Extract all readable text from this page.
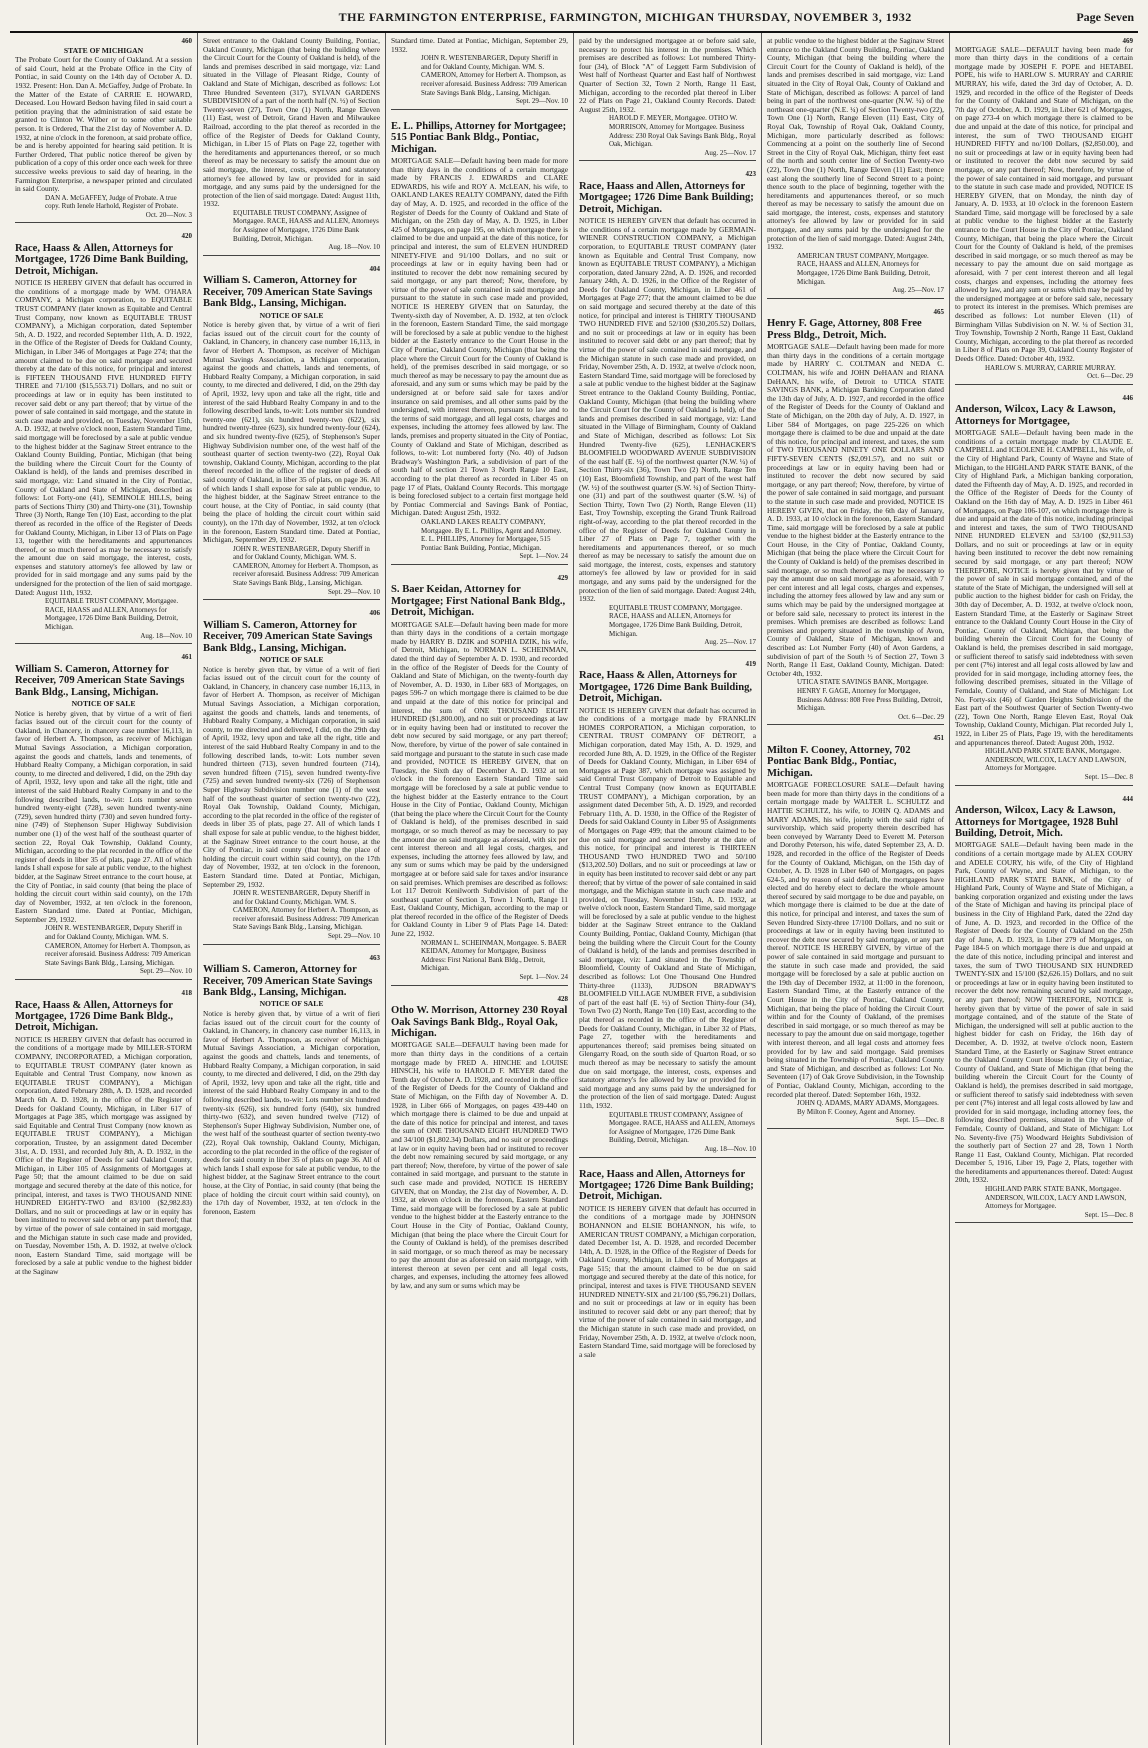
THE FARMINGTON ENTERPRISE, FARMINGTON, MICHIGAN THURSDAY, NOVEMBER 3, 1932	Page Seven
460
STATE OF MICHIGAN
The Probate Court for the County of Oakland. At a session of said Court, held at the Probate Office in the City of Pontiac, in said County on the 14th day of October A. D. 1932. Present: Hon. Dan A. McGaffey, Judge of Probate. In the Matter of the Estate of CARRIE E. HOWARD, Deceased. Lou Howard Bedson having filed in said court a petition praying that the administration of said estate be granted to Clinton W. Wilber or to some other suitable person. It is Ordered, That the 21st day of November A. D. 1932, at nine o'clock in the forenoon, at said probate office, be and is hereby appointed for hearing said petition. It is Further Ordered, That public notice thereof be given by publication of a copy of this order once each week for three successive weeks previous to said day of hearing, in the Farmington Enterprise, a newspaper printed and circulated in said County.
DAN A. McGAFFEY, Judge of Probate. A true copy. Ruth Ienele Harhold, Register of Probate.
Oct. 20—Nov. 3
420
Race, Haass & Allen, Attorneys for Mortgagee, 1726 Dime Bank Building, Detroit, Michigan.
NOTICE IS HEREBY GIVEN that default has occurred in the conditions of a mortgage made by WM. O'HARA COMPANY, a Michigan corporation, to EQUITABLE TRUST COMPANY (later known as Equitable and Central Trust Company, now known as EQUITABLE TRUST COMPANY), a Michigan corporation, dated September 5th, A. D. 1922, and recorded September 11th, A. D. 1922, in the Office of the Register of Deeds for Oakland County, Michigan, in Liber 346 of Mortgages at Page 274; that the amount claimed to be due on said mortgage and secured thereby at the date of this notice, for principal and interest is FIFTEEN THOUSAND FIVE HUNDRED FIFTY THREE and 71/100 ($15,553.71) Dollars, and no suit or proceedings at law or in equity has been instituted to recover said debt or any part thereof; that by virtue of the power of sale contained in said mortgage, and the statute in such case made and provided, on Tuesday, November 15th, A. D. 1932, at twelve o'clock noon, Eastern Standard Time, said mortgage will be foreclosed by a sale at public vendue to the highest bidder at the Saginaw Street entrance to the Oakland County Building, Pontiac, Michigan (that being the building where the Circuit Court for the County of Oakland is held), of the lands and premises described in said mortgage, viz: Land situated in the City of Pontiac, County of Oakland and State of Michigan, described as follows: Lot Forty-one (41), SEMINOLE HILLS, being parts of Sections Thirty (30) and Thirty-one (31), Township Three (3) North, Range Ten (10) East, according to the plat thereof as recorded in the office of the Register of Deeds for Oakland County, Michigan, in Liber 13 of Plats on Page 13, together with the hereditaments and appurtenances thereof, or so much thereof as may be necessary to satisfy the amount due on said mortgage, the interest, costs, expenses and statutory attorney's fee allowed by law or provided for in said mortgage and any sums paid by the undersigned for the protection of the lien of said mortgage. Dated: August 11th, 1932.
EQUITABLE TRUST COMPANY, Mortgagee. RACE, HAASS and ALLEN, Attorneys for Mortgagee, 1726 Dime Bank Building, Detroit, Michigan.
Aug. 18—Nov. 10
461
William S. Cameron, Attorney for Receiver, 709 American State Savings Bank Bldg., Lansing, Michigan.
NOTICE OF SALE
Notice is hereby given, that by virtue of a writ of fieri facias issued out of the circuit court for the county of Oakland, in Chancery, in chancery case number 16,113, in favor of Herbert A. Thompson, as receiver of Michigan Mutual Savings Association, a Michigan corporation, against the goods and chattels, lands and tenements, of Hubbard Realty Company, a Michigan corporation, in said county, to me directed and delivered, I did, on the 29th day of April, 1932, levy upon and take all the right, title and interest of the said Hubbard Realty Company in and to the following described lands, to-wit: Lots number seven hundred twenty-eight (728), seven hundred twenty-nine (729), seven hundred thirty (730) and seven hundred forty-nine (749) of Stephenson Super Highway Subdivision number one (1) of the west half of the southeast quarter of section 22, Royal Oak Township, Oakland County, Michigan, according to the plat recorded in the office of the register of deeds in liber 35 of plats, page 27. All of which lands I shall expose for sale at public vendue, to the highest bidder, at the Saginaw Street entrance to the court house, at the City of Pontiac, in said county (that being the place of holding the circuit court within said county), on the 17th day of November, 1932, at ten o'clock in the forenoon, Eastern Standard time. Dated at Pontiac, Michigan, September 29, 1932.
JOHN R. WESTENBARGER, Deputy Sheriff in and for Oakland County, Michigan. WM. S. CAMERON, Attorney for Herbert A. Thompson, as receiver aforesaid. Business Address: 709 American State Savings Bank Bldg., Lansing, Michigan.
Sept. 29—Nov. 10
418
Race, Haass & Allen, Attorneys for Mortgagee, 1726 Dime Bank Bldg., Detroit, Michigan.
NOTICE IS HEREBY GIVEN that default has occurred in the conditions of a mortgage made by MILLER-STORM COMPANY, INCORPORATED, a Michigan corporation, to EQUITABLE TRUST COMPANY (later known as Equitable and Central Trust Company, now known as EQUITABLE TRUST COMPANY), a Michigan corporation, dated February 28th, A. D. 1928, and recorded March 6th A. D. 1928, in the office of the Register of Deeds for Oakland County, Michigan, in Liber 617 of Mortgages at Page 385, which mortgage was assigned by said Equitable and Central Trust Company (now known as EQUITABLE TRUST COMPANY), a Michigan corporation, Trustee, by an assignment dated December 31st, A. D. 1931, and recorded July 8th, A. D. 1932, in the Office of the Register of Deeds for said Oakland County, Michigan, in Liber 105 of Assignments of Mortgages at Page 50; that the amount claimed to be due on said mortgage and secured thereby at the date of this notice, for principal, interest, and taxes is TWO THOUSAND NINE HUNDRED EIGHTY-TWO and 83/100 ($2,982.83) Dollars, and no suit or proceedings at law or in equity has been instituted to recover said debt or any part thereof; that by virtue of the power of sale contained in said mortgage, and the Michigan statute in such case made and provided, on Tuesday, November 15th, A. D. 1932, at twelve o'clock noon, Eastern Standard Time, said mortgage will be foreclosed by a sale at public vendue to the highest bidder at the Saginaw
Street entrance to the Oakland County Building, Pontiac, Oakland County, Michigan (that being the building where the Circuit Court for the County of Oakland is held), of the lands and premises described in said mortgage, viz: Land situated in the Village of Pleasant Ridge, County of Oakland and State of Michigan, described as follows: Lot Three Hundred Seventeen (317), SYLVAN GARDENS SUBDIVISION of a part of the north half (N. ½) of Section Twenty-seven (27), Town One (1) North, Range Eleven (11) East, west of Detroit, Grand Haven and Milwaukee Railroad, according to the plat thereof as recorded in the office of the Register of Deeds for Oakland County, Michigan, in Liber 15 of Plats on Page 22, together with the hereditaments and appurtenances thereof, or so much thereof as may be necessary to satisfy the amount due on said mortgage, the interest, costs, expenses and statutory attorney's fee allowed by law or provided for in said mortgage, and any sums paid by the undersigned for the protection of the lien of said mortgage. Dated: August 11th, 1932.
EQUITABLE TRUST COMPANY, Assignee of Mortgagee. RACE, HAASS and ALLEN, Attorneys for Assignee of Mortgagee, 1726 Dime Bank Building, Detroit, Michigan.
Aug. 18—Nov. 10
404
William S. Cameron, Attorney for Receiver, 709 American State Savings Bank Bldg., Lansing, Michigan.
NOTICE OF SALE
Notice is hereby given that, by virtue of a writ of fieri facias issued out of the circuit court for the county of Oakland, in Chancery, in chancery case number 16,113, in favor of Herbert A. Thompson, as receiver of Michigan Mutual Savings Association, a Michigan corporation, against the goods and chattels, lands and tenements, of Hubbard Realty Company, a Michigan corporation, in said county, to me directed and delivered, I did, on the 29th day of April, 1932, levy upon and take all the right, title and interest of the said Hubbard Realty Company in and to the following described lands, to-wit: Lots number six hundred twenty-one (621), six hundred twenty-two (622), six hundred twenty-three (623), six hundred twenty-four (624), and six hundred twenty-five (625), of Stephenson's Super Highway Subdivision number one, of the west half of the southeast quarter of section twenty-two (22), Royal Oak township, Oakland County, Michigan, according to the plat thereof recorded in the office of the register of deeds of said county of Oakland, in liber 35 of plats, on page 36. All of which lands I shall expose for sale at public vendue, to the highest bidder, at the Saginaw Street entrance to the court house, at the City of Pontiac, in said county (that being the place of holding the circuit court within said county), on the 17th day of November, 1932, at ten o'clock in the forenoon, Eastern Standard time. Dated at Pontiac, Michigan, September 29, 1932.
JOHN R. WESTENBARGER, Deputy Sheriff in and for Oakland County, Michigan. WM. S. CAMERON, Attorney for Herbert A. Thompson, as receiver aforesaid. Business Address: 709 American State Savings Bank Bldg., Lansing, Michigan.
Sept. 29—Nov. 10
406
William S. Cameron, Attorney for Receiver, 709 American State Savings Bank Bldg., Lansing, Michigan.
NOTICE OF SALE
Notice is hereby given that, by virtue of a writ of fieri facias issued out of the circuit court for the county of Oakland, in Chancery, in chancery case number 16,113, in favor of Herbert A. Thompson, as receiver of Michigan Mutual Savings Association, a Michigan corporation, against the goods and chattels, lands and tenements, of Hubbard Realty Company, a Michigan corporation, in said county, to me directed and delivered, I did, on the 29th day of April, 1932, levy upon and take all the right, title and interest of the said Hubbard Realty Company in and to the following described lands, to-wit: Lots number seven hundred thirteen (713), seven hundred fourteen (714), seven hundred fifteen (715), seven hundred twenty-five (725) and seven hundred twenty-six (726) of Stephenson Super Highway Subdivision number one (1) of the west half of the southeast quarter of section twenty-two (22), Royal Oak Township, Oakland County, Michigan, according to the plat recorded in the office of the register of deeds in liber 35 of plats, page 27. All of which lands I shall expose for sale at public vendue, to the highest bidder, at the Saginaw Street entrance to the court house, at the City of Pontiac, in said county (that being the place of holding the circuit court within said county), on the 17th day of November, 1932, at ten o'clock in the forenoon, Eastern Standard time. Dated at Pontiac, Michigan, September 29, 1932.
JOHN R. WESTENBARGER, Deputy Sheriff in and for Oakland County, Michigan. WM. S. CAMERON, Attorney for Herbert A. Thompson, as receiver aforesaid. Business Address: 709 American State Savings Bank Bldg., Lansing, Michigan.
Sept. 29—Nov. 10
463
William S. Cameron, Attorney for Receiver, 709 American State Savings Bank Bldg., Lansing, Michigan.
NOTICE OF SALE
Notice is hereby given that, by virtue of a writ of fieri facias issued out of the circuit court for the county of Oakland, in Chancery, in chancery case number 16,113, in favor of Herbert A. Thompson, as receiver of Michigan Mutual Savings Association, a Michigan corporation, against the goods and chattels, lands and tenements, of Hubbard Realty Company, a Michigan corporation, in said county, to me directed and delivered, I did, on the 29th day of April, 1932, levy upon and take all the right, title and interest of the said Hubbard Realty Company in and to the following described lands, to-wit: Lots number six hundred twenty-six (626), six hundred forty (640), six hundred thirty-two (632), and seven hundred twelve (712) of Stephenson's Super Highway Subdivision, Number one, of the west half of the southeast quarter of section twenty-two (22), Royal Oak township, Oakland County, Michigan, according to the plat recorded in the office of the register of deeds for said county in liber 35 of plats on page 36. All of which lands I shall expose for sale at public vendue, to the highest bidder, at the Saginaw Street entrance to the court house, at the City of Pontiac, in said county (that being the place of holding the circuit court within said county), on the 17th day of November, 1932, at ten o'clock in the forenoon, Eastern
Standard time. Dated at Pontiac, Michigan, September 29, 1932.
JOHN R. WESTENBARGER, Deputy Sheriff in and for Oakland County, Michigan. WM. S. CAMERON, Attorney for Herbert A. Thompson, as receiver aforesaid. Business Address: 709 American State Savings Bank Bldg., Lansing, Michigan.
Sept. 29—Nov. 10
E. L. Phillips, Attorney for Mortgagee; 515 Pontiac Bank Bldg., Pontiac, Michigan.
MORTGAGE SALE—Default having been made for more than thirty days in the conditions of a certain mortgage made by FRANCIS J. EDWARDS and CLARE EDWARDS, his wife and ROY A. McLEAN, his wife, to OAKLAND LAKES REALTY COMPANY, dated the Fifth day of May, A. D. 1925, and recorded in the office of the Register of Deeds for the County of Oakland and State of Michigan, on the 25th day of May, A. D. 1925, in Liber 425 of Mortgages, on page 195, on which mortgage there is claimed to be due and unpaid at the date of this notice, for principal and interest, the sum of ELEVEN HUNDRED NINETY-FIVE and 91/100 Dollars, and no suit or proceedings at law or in equity having been had or instituted to recover the debt now remaining secured by said mortgage, or any part thereof; Now, therefore, by virtue of the power of sale contained in said mortgage and pursuant to the statute in such case made and provided, NOTICE IS HEREBY GIVEN that on Saturday, the Twenty-sixth day of November, A. D. 1932, at ten o'clock in the forenoon, Eastern Standard Time, the said mortgage will be foreclosed by a sale at public vendue to the highest bidder at the Easterly entrance to the Court House in the City of Pontiac, Oakland County, Michigan (that being the place where the Circuit Court for the County of Oakland is held), of the premises described in said mortgage, or so much thereof as may be necessary to pay the amount due as aforesaid, and any sum or sums which may be paid by the undersigned at or before said sale for taxes and/or insurance on said premises, and all other sums paid by the undersigned, with interest thereon, pursuant to law and to the terms of said mortgage, and all legal costs, charges and expenses, including the attorney fees allowed by law. The lands, premises and property situated in the City of Pontiac, County of Oakland and State of Michigan, described as follows, to-wit: Lot numbered forty (No. 40) of Judson Bradway's Washington Park, a subdivision of part of the south half of section 21 Town 3 North Range 10 East, according to the plat thereof as recorded in Liber 45 on page 17 of Plats, Oakland County Records. This mortgage is being foreclosed subject to a certain first mortgage held by Pontiac Commercial and Savings Bank of Pontiac, Michigan. Dated: August 25th, 1932.
OAKLAND LAKES REALTY COMPANY, Mortgagee. By E. L. Phillips, Agent and Attorney. E. L. PHILLIPS, Attorney for Mortgagee, 515 Pontiac Bank Building, Pontiac, Michigan.
Sept. 1—Nov. 24
429
S. Baer Keidan, Attorney for Mortgagee; First National Bank Bldg., Detroit, Michigan.
MORTGAGE SALE—Default having been made for more than thirty days in the conditions of a certain mortgage made by HARRY B. DZIK and SOPHIA DZIK, his wife, of Detroit, Michigan, to NORMAN L. SCHEINMAN, dated the third day of September A. D. 1930, and recorded in the office of the Register of Deeds for the County of Oakland and State of Michigan, on the twenty-fourth day of November, A. D. 1930, in Liber 683 of Mortgages, on pages 596-7 on which mortgage there is claimed to be due and unpaid at the date of this notice for principal and interest, the sum of ONE THOUSAND EIGHT HUNDRED ($1,800.00), and no suit or proceedings at law or in equity having been had or instituted to recover the debt now secured by said mortgage, or any part thereof; Now, therefore, by virtue of the power of sale contained in said mortgage and pursuant to the statute in such case made and provided, NOTICE IS HEREBY GIVEN, that on Tuesday, the Sixth day of December A. D. 1932 at ten o'clock in the forenoon Eastern Standard Time said mortgage will be foreclosed by a sale at public vendue to the highest bidder at the Easterly entrance to the Court House in the City of Pontiac, Oakland County, Michigan (that being the place where the Circuit Court for the County of Oakland is held), of the premises described in said mortgage, or so much thereof as may be necessary to pay the amount due on said mortgage as aforesaid, with six per cent interest thereon and all legal costs, charges, and expenses, including the attorney fees allowed by law, and any sum or sums which may be paid by the undersigned mortgagee at or before said sale for taxes and/or insurance on said premises. Which premises are described as follows: Lot 117 Detroit Kenilworth Subdivision of part of the southeast quarter of Section 3, Town 1 North, Range 11 East, Oakland County, Michigan, according to the map or plat thereof recorded in the office of the Register of Deeds for Oakland County in Liber 9 of Plats Page 14. Dated: June 22, 1932.
NORMAN L. SCHEINMAN, Mortgagee. S. BAER KEIDAN, Attorney for Mortgagee, Business Address: First National Bank Bldg., Detroit, Michigan.
Sept. 1—Nov. 24
428
Otho W. Morrison, Attorney 230 Royal Oak Savings Bank Bldg., Royal Oak, Michigan.
MORTGAGE SALE—DEFAULT having been made for more than thirty days in the conditions of a certain mortgage made by FRED A. HINCHE and LOUISE HINSCH, his wife to HAROLD F. MEYER dated the Tenth day of October A. D. 1928, and recorded in the office of the Register of Deeds for the County of Oakland and State of Michigan, on the Fifth day of November A. D. 1928, in Liber 666 of Mortgages, on pages 439-440 on which mortgage there is claimed to be due and unpaid at the date of this notice for principal and interest, and taxes the sum of ONE THOUSAND EIGHT HUNDRED TWO and 34/100 ($1,802.34) Dollars, and no suit or proceedings at law or in equity having been had or instituted to recover the debt now remaining secured by said mortgage, or any part thereof; Now, therefore, by virtue of the power of sale contained in said mortgage, and pursuant to the statute in such case made and provided, NOTICE IS HEREBY GIVEN, that on Monday, the 21st day of November, A. D. 1932, at eleven o'clock in the forenoon, Eastern Standard Time, said mortgage will be foreclosed by a sale at public vendue to the highest bidder at the Easterly entrance to the Court House in the City of Pontiac, Oakland County, Michigan (that being the place where the Circuit Court for the County of Oakland is held), of the premises described in said mortgage, or so much thereof as may be necessary to pay the amount due as aforesaid on said mortgage, with interest thereon at seven per cent and all legal costs, charges, and expenses, including the attorney fees allowed by law, and any sum or sums which may be
paid by the undersigned mortgagee at or before said sale, necessary to protect his interest in the premises. Which premises are described as follows: Lot numbered Thirty-four (34), of Block "A" of Leggett Farm Subdivision of West half of Northeast Quarter and East half of Northwest Quarter of Section 32, Town 2 North, Range 11 East, Michigan, according to the recorded plat thereof in Liber 22 of Plats on Page 21, Oakland County Records. Dated: August 25th, 1932.
HAROLD F. MEYER, Mortgagee. OTHO W. MORRISON, Attorney for Mortgagee. Business Address: 230 Royal Oak Savings Bank Bldg., Royal Oak, Michigan.
Aug. 25—Nov. 17
423
Race, Haass and Allen, Attorneys for Mortgagee; 1726 Dime Bank Building; Detroit, Michigan.
NOTICE IS HEREBY GIVEN that default has occurred in the conditions of a certain mortgage made by GERMAIN-WIENER CONSTRUCTION COMPANY, a Michigan corporation, to EQUITABLE TRUST COMPANY (later known as Equitable and Central Trust Company, now known as EQUITABLE TRUST COMPANY), a Michigan corporation, dated January 22nd, A. D. 1926, and recorded January 24th, A. D. 1926, in the Office of the Register of Deeds for Oakland County, Michigan, in Liber 461 of Mortgages at Page 277; that the amount claimed to be due on said mortgage and secured thereby at the date of this notice, for principal and interest is THIRTY THOUSAND TWO HUNDRED FIVE and 52/100 ($30,205.52) Dollars, and no suit or proceedings at law or in equity has been instituted to recover said debt or any part thereof; that by virtue of the power of sale contained in said mortgage, and the Michigan statute in such case made and provided, on Friday, November 25th, A. D. 1932, at twelve o'clock noon, Eastern Standard Time, said mortgage will be foreclosed by a sale at public vendue to the highest bidder at the Saginaw Street entrance to the Oakland County Building, Pontiac, Oakland County, Michigan (that being the building where the Circuit Court for the County of Oakland is held), of the lands and premises described in said mortgage, viz: Land situated in the Village of Birmingham, County of Oakland and State of Michigan, described as follows: Lot Six Hundred Twenty-five (625), LENHACKER'S BLOOMFIELD WOODWARD AVENUE SUBDIVISION of the east half (E. ½) of the northwest quarter (N.W. ¼) of Section Thirty-six (36), Town Two (2) North, Range Ten (10) East, Bloomfield Township, and part of the west half (W. ½) of the southwest quarter (S.W. ¼) of Section Thirty-one (31) and part of the southwest quarter (S.W. ¼) of Section Thirty, Town Two (2) North, Range Eleven (11) East, Troy Township, excepting the Grand Trunk Railroad right-of-way, according to the plat thereof recorded in the office of the Register of Deeds for Oakland County in Liber 27 of Plats on Page 7, together with the hereditaments and appurtenances thereof, or so much thereof as may be necessary to satisfy the amount due on said mortgage, the interest, costs, expenses and statutory attorney's fee allowed by law or provided for in said mortgage, and any sums paid by the undersigned for the protection of the lien of said mortgage. Dated: August 24th, 1932.
EQUITABLE TRUST COMPANY, Mortgagee. RACE, HAASS and ALLEN, Attorneys for Mortgagee, 1726 Dime Bank Building, Detroit, Michigan.
Aug. 25—Nov. 17
419
Race, Haass & Allen, Attorneys for Mortgagee, 1726 Dime Bank Building, Detroit, Michigan.
NOTICE IS HEREBY GIVEN that default has occurred in the conditions of a mortgage made by FRANKLIN HOMES CORPORATION, a Michigan corporation, to CENTRAL TRUST COMPANY OF DETROIT, a Michigan corporation, dated May 15th, A. D. 1929, and recorded June 8th, A. D. 1929, in the Office of the Register of Deeds for Oakland County, Michigan, in Liber 694 of Mortgages at Page 387, which mortgage was assigned by said Central Trust Company of Detroit to Equitable and Central Trust Company (now known as EQUITABLE TRUST COMPANY), a Michigan corporation, by an assignment dated December 5th, A. D. 1929, and recorded February 11th, A. D. 1930, in the Office of the Register of Deeds for said Oakland County in Liber 95 of Assignments of Mortgages on Page 499; that the amount claimed to be due on said mortgage and secured thereby at the date of this notice, for principal and interest is THIRTEEN THOUSAND TWO HUNDRED TWO and 50/100 ($13,202.50) Dollars, and no suit or proceedings at law or in equity has been instituted to recover said debt or any part thereof; that by virtue of the power of sale contained in said mortgage, and the Michigan statute in such case made and provided, on Tuesday, November 15th, A. D. 1932, at twelve o'clock noon, Eastern Standard Time, said mortgage will be foreclosed by a sale at public vendue to the highest bidder at the Saginaw Street entrance to the Oakland County Building, Pontiac, Oakland County, Michigan (that being the building where the Circuit Court for the County of Oakland is held), of the lands and premises described in said mortgage, viz: Land situated in the Township of Bloomfield, County of Oakland and State of Michigan, described as follows: Lot One Thousand One Hundred Thirty-three (1133), JUDSON BRADWAY'S BLOOMFIELD VILLAGE NUMBER FIVE, a subdivision of part of the east half (E. ½) of Section Thirty-four (34), Town Two (2) North, Range Ten (10) East, according to the plat thereof as recorded in the office of the Register of Deeds for Oakland County, Michigan, in Liber 32 of Plats, Page 27, together with the hereditaments and appurtenances thereof; said premises being situated on Glengarry Road, on the south side of Quarton Road, or so much thereof as may be necessary to satisfy the amount due on said mortgage, the interest, costs, expenses and statutory attorney's fee allowed by law or provided for in said mortgage and any sums paid by the undersigned for the protection of the lien of said mortgage. Dated: August 11th, 1932.
EQUITABLE TRUST COMPANY, Assignee of Mortgagee. RACE, HAASS and ALLEN, Attorneys for Assignee of Mortgagee, 1726 Dime Bank Building, Detroit, Michigan.
Aug. 18—Nov. 10
Race, Haass and Allen, Attorneys for Mortgagee; 1726 Dime Bank Building; Detroit, Michigan.
NOTICE IS HEREBY GIVEN that default has occurred in the conditions of a mortgage made by JOHNSON BOHANNON and ELSIE BOHANNON, his wife, to AMERICAN TRUST COMPANY, a Michigan corporation, dated December 1st, A. D. 1928, and recorded December 14th, A. D. 1928, in the Office of the Register of Deeds for Oakland County, Michigan, in Liber 650 of Mortgages at Page 515; that the amount claimed to be due on said mortgage and secured thereby at the date of this notice, for principal, interest and taxes is FIVE THOUSAND SEVEN HUNDRED NINETY-SIX and 21/100 ($5,796.21) Dollars, and no suit or proceedings at law or in equity has been instituted to recover said debt or any part thereof; that by virtue of the power of sale contained in said mortgage, and the Michigan statute in such case made and provided, on Friday, November 25th, A. D. 1932, at twelve o'clock noon, Eastern Standard Time, said mortgage will be foreclosed by a sale
at public vendue to the highest bidder at the Saginaw Street entrance to the Oakland County Building, Pontiac, Oakland County, Michigan (that being the building where the Circuit Court for the County of Oakland is held), of the lands and premises described in said mortgage, viz: Land situated in the City of Royal Oak, County of Oakland and State of Michigan, described as follows: A parcel of land being in part of the northwest one-quarter (N.W. ¼) of the northeast one-quarter (N.E. ¼) of Section Twenty-two (22), Town One (1) North, Range Eleven (11) East, City of Royal Oak, Township of Royal Oak, Oakland County, Michigan, more particularly described as follows: Commencing at a point on the southerly line of Second Street in the City of Royal Oak, Michigan, thirty feet east of the north and south center line of Section Twenty-two (22), Town One (1) North, Range Eleven (11) East; thence east along the southerly line of Second Street to a point; thence south to the place of beginning, together with the hereditaments and appurtenances thereof, or so much thereof as may be necessary to satisfy the amount due on said mortgage, the interest, costs, expenses and statutory attorney's fee allowed by law or provided for in said mortgage, and any sums paid by the undersigned for the protection of the lien of said mortgage. Dated: August 24th, 1932.
AMERICAN TRUST COMPANY, Mortgagee. RACE, HAASS and ALLEN, Attorneys for Mortgagee, 1726 Dime Bank Building, Detroit, Michigan.
Aug. 25—Nov. 17
465
Henry F. Gage, Attorney, 808 Free Press Bldg., Detroit, Mich.
MORTGAGE SALE—Default having been made for more than thirty days in the conditions of a certain mortgage made by HARRY C. COLTMAN and NEDA C. COLTMAN, his wife and JOHN DeHAAN and RIANA DeHAAN, his wife, of Detroit to UTICA STATE SAVINGS BANK, a Michigan Banking Corporation dated the 13th day of July, A. D. 1927, and recorded in the office of the Register of Deeds for the County of Oakland and State of Michigan, on the 20th day of July, A. D. 1927, in Liber 584 of Mortgages, on page 225-226 on which mortgage there is claimed to be due and unpaid at the date of this notice, for principal and interest, and taxes, the sum of TWO THOUSAND NINETY ONE DOLLARS AND FIFTY-SEVEN CENTS ($2,091.57), and no suit or proceedings at law or in equity having been had or instituted to recover the debt now secured by said mortgage, or any part thereof; Now, therefore, by virtue of the power of sale contained in said mortgage, and pursuant to the statute in such case made and provided, NOTICE IS HEREBY GIVEN, that on Friday, the 6th day of January, A. D. 1933, at 10 o'clock in the forenoon, Eastern Standard Time, said mortgage will be foreclosed by a sale at public vendue to the highest bidder at the Easterly entrance to the Court House, in the City of Pontiac, Oakland County, Michigan (that being the place where the Circuit Court for the County of Oakland is held) of the premises described in said mortgage, or so much thereof as may be necessary to pay the amount due on said mortgage as aforesaid, with 7 per cent interest and all legal costs, charges and expenses, including the attorney fees allowed by law and any sum or sums which may be paid by the undersigned mortgagee at or before said sale, necessary to protect its interest in the premises. Which premises are described as follows: Land premises and property situated in the township of Avon, County of Oakland, State of Michigan, known and described as: Lot Number Forty (40) of Avon Gardens, a subdivision of part of the South ½ of Section 27, Town 3 North, Range 11 East, Oakland County, Michigan. Dated: October 4th, 1932.
UTICA STATE SAVINGS BANK, Mortgagee. HENRY F. GAGE, Attorney for Mortgagee, Business Address: 808 Free Press Building, Detroit, Michigan.
Oct. 6—Dec. 29
451
Milton F. Cooney, Attorney, 702 Pontiac Bank Bldg., Pontiac, Michigan.
MORTGAGE FORECLOSURE SALE—Default having been made for more than thirty days in the conditions of a certain mortgage made by WALTER L. SCHULTZ and HATTIE SCHULTZ, his wife, to JOHN Q. ADAMS and MARY ADAMS, his wife, jointly with the said right of survivorship, which said property therein described has been conveyed by Warranty Deed to Everett M. Peterson and Dorothy Peterson, his wife, dated September 23, A. D. 1928, and recorded in the office of the Register of Deeds for the County of Oakland, Michigan, on the 15th day of October, A. D. 1928 in Liber 640 of Mortgages, on pages 624-5, and by reason of said default, the mortgagees have elected and do hereby elect to declare the whole amount thereof secured by said mortgage to be due and payable, on which mortgage there is claimed to be due at the date of this notice, for principal and interest, and taxes the sum of Seven Hundred Sixty-three 17/100 Dollars, and no suit or proceedings at law or in equity having been instituted to recover the debt now secured by said mortgage, or any part thereof. NOTICE IS HEREBY GIVEN, by virtue of the power of sale contained in said mortgage and pursuant to the statute in such case made and provided, the said mortgage will be foreclosed by a sale at public auction on the 19th day of December 1932, at 11:00 in the forenoon, Eastern Standard Time, at the Easterly entrance of the Court House in the City of Pontiac, Oakland County, Michigan, that being the place of holding the Circuit Court within and for the County of Oakland, of the premises described in said mortgage, or so much thereof as may be necessary to pay the amount due on said mortgage, together with interest thereon, and all legal costs and attorney fees provided for by law and said mortgage. Said premises being situated in the Township of Pontiac, Oakland County and State of Michigan, and described as follows: Lot No. Seventeen (17) of Oak Grove Subdivision, in the Township of Pontiac, Oakland County, Michigan, according to the recorded plat thereof. Dated: September 16th, 1932.
JOHN Q. ADAMS, MARY ADAMS, Mortgagees. By Milton F. Cooney, Agent and Attorney.
Sept. 15—Dec. 8
469
MORTGAGE SALE—DEFAULT having been made for more than thirty days in the conditions of a certain mortgage made by JOSEPH F. POPE and HETABEL POPE, his wife to HARLOW S. MURRAY and CARRIE MURRAY, his wife, dated the 3rd day of October, A. D. 1929, and recorded in the office of the Register of Deeds for the County of Oakland and State of Michigan, on the 7th day of October, A. D. 1929, in Liber 621 of Mortgages, on page 273-4 on which mortgage there is claimed to be due and unpaid at the date of this notice, for principal and interest, the sum of TWO THOUSAND EIGHT HUNDRED FIFTY and no/100 Dollars, ($2,850.00), and no suit or proceedings at law or in equity having been had or instituted to recover the debt now secured by said mortgage, or any part thereof; Now, therefore, by virtue of the power of sale contained in said mortgage, and pursuant to the statute in such case made and provided, NOTICE IS HEREBY GIVEN, that on Monday, the ninth day of January, A. D. 1933, at 10 o'clock in the forenoon Eastern Standard Time, said mortgage will be foreclosed by a sale at public vendue to the highest bidder at the Easterly entrance to the Court House in the City of Pontiac, Oakland County, Michigan, that being the place where the Circuit Court for the County of Oakland is held, of the premises described in said mortgage, or so much thereof as may be necessary to pay the amount due on said mortgage as aforesaid, with 7 per cent interest thereon and all legal costs, charges and expenses, including the attorney fees allowed by law, and any sum or sums which may be paid by the undersigned mortgagee at or before said sale, necessary to protect its interest in the premises. Which premises are described as follows: Lot number Eleven (11) of Birmingham Villas Subdivision on N. W. ¼ of Section 31, Troy Township, Township 2 North, Range 11 East, Oakland County, Michigan, according to the plat thereof as recorded in Liber 8 of Plats on Page 39, Oakland County Register of Deeds Office. Dated: October 4th, 1932.
HARLOW S. MURRAY, CARRIE MURRAY.
Oct. 6—Dec. 29
446
Anderson, Wilcox, Lacy & Lawson, Attorneys for Mortgagee,
MORTGAGE SALE—Default having been made in the conditions of a certain mortgage made by CLAUDE E. CAMPBELL and ICEOLENE H. CAMPBELL, his wife, of the City of Highland Park, County of Wayne and State of Michigan, to the HIGHLAND PARK STATE BANK, of the City of Highland Park, a Michigan banking corporation, dated the Fifteenth day of May, A. D. 1925, and recorded in the Office of the Register of Deeds for the County of Oakland on the 16th day of May, A. D. 1925 in Liber 461 of Mortgages, on Page 106-107, on which mortgage there is due and unpaid at the date of this notice, including principal and interest and taxes, the sum of TWO THOUSAND NINE HUNDRED ELEVEN and 53/100 ($2,911.53) Dollars, and no suit or proceedings at law or in equity having been instituted to recover the debt now remaining secured by said mortgage, or any part thereof; NOW THEREFORE, NOTICE is hereby given that by virtue of the power of sale in said mortgage contained, and of the statute of the State of Michigan, the undersigned will sell at public auction to the highest bidder for cash on Friday, the 30th day of December, A. D. 1932, at twelve o'clock noon, Eastern Standard Time, at the Easterly or Saginaw Street entrance to the Oakland County Court House in the City of Pontiac, County of Oakland, Michigan, that being the building wherein the Circuit Court for the County of Oakland is held, the premises described in said mortgage, or sufficient thereof to satisfy said indebtedness with seven per cent (7%) interest and all legal costs allowed by law and provided for in said mortgage, including attorney fees, the following described premises, situated in the Village of Ferndale, County of Oakland, and State of Michigan: Lot No. Forty-six (46) of Garden Heights Subdivision of the East part of the Southwest Quarter of Section Twenty-two (22), Town One North, Range Eleven East, Royal Oak Township, Oakland County, Michigan. Plat recorded July 1, 1922, in Liber 25 of Plats, Page 19, with the hereditaments and appurtenances thereof. Dated: August 20th, 1932.
HIGHLAND PARK STATE BANK, Mortgagee. ANDERSON, WILCOX, LACY AND LAWSON, Attorneys for Mortgagee.
Sept. 15—Dec. 8
444
Anderson, Wilcox, Lacy & Lawson, Attorneys for Mortgagee, 1928 Buhl Building, Detroit, Mich.
MORTGAGE SALE—Default having been made in the conditions of a certain mortgage made by ALEX COURY and ADELE COURY, his wife, of the City of Highland Park, County of Wayne, and State of Michigan, to the HIGHLAND PARK STATE BANK, of the City of Highland Park, County of Wayne and State of Michigan, a banking corporation organized and existing under the laws of the State of Michigan and having its principal place of business in the City of Highland Park, dated the 22nd day of June, A. D. 1923, and recorded in the Office of the Register of Deeds for the County of Oakland on the 25th day of June, A. D. 1923, in Liber 279 of Mortgages, on Page 184-5 on which mortgage there is due and unpaid at the date of this notice, including principal and interest and taxes, the sum of TWO THOUSAND SIX HUNDRED TWENTY-SIX and 15/100 ($2,626.15) Dollars, and no suit or proceedings at law or in equity having been instituted to recover the debt now remaining secured by said mortgage, or any part thereof; NOW THEREFORE, NOTICE is hereby given that by virtue of the power of sale in said mortgage contained, and of the statute of the State of Michigan, the undersigned will sell at public auction to the highest bidder for cash on Friday, the 16th day of December, A. D. 1932, at twelve o'clock noon, Eastern Standard Time, at the Easterly or Saginaw Street entrance to the Oakland County Court House in the City of Pontiac, County of Oakland, and State of Michigan (that being the building wherein the Circuit Court for the County of Oakland is held), the premises described in said mortgage, or sufficient thereof to satisfy said indebtedness with seven per cent (7%) interest and all legal costs allowed by law and provided for in said mortgage, including attorney fees, the following described premises, situated in the Village of Ferndale, County of Oakland, and State of Michigan: Lot No. Seventy-five (75) Woodward Heights Subdivision of the southerly part of Section 27 and 28, Town 1 North Range 11 East, Oakland County, Michigan. Plat recorded December 5, 1916, Liber 19, Page 2, Plats, together with the hereditaments and appurtenances thereof. Dated: August 20th, 1932.
HIGHLAND PARK STATE BANK, Mortgagee. ANDERSON, WILCOX, LACY AND LAWSON, Attorneys for Mortgagee.
Sept. 15—Dec. 8
